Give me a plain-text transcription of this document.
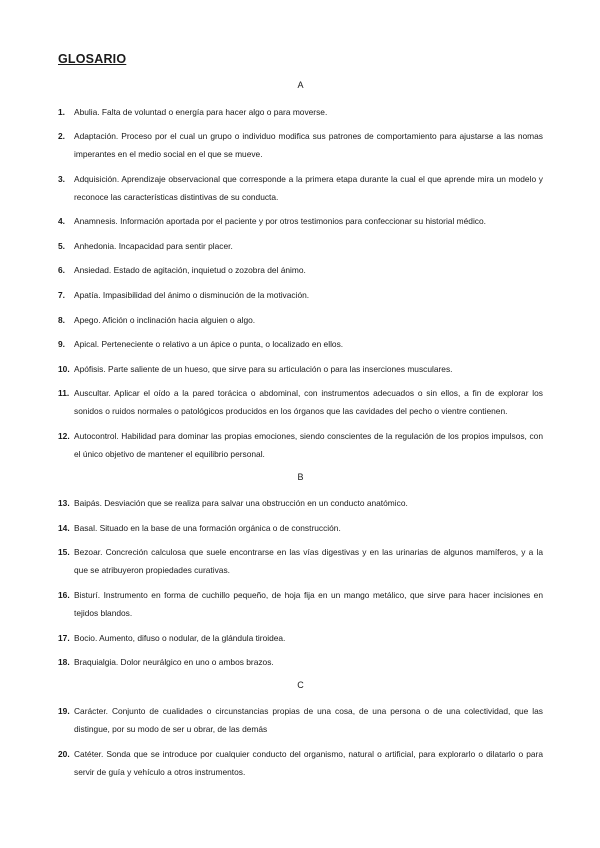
GLOSARIO
A
1.	Abulia. Falta de voluntad o energía para hacer algo o para moverse.
2.	Adaptación. Proceso por el cual un grupo o individuo modifica sus patrones de comportamiento para ajustarse a las nomas imperantes en el medio social en el que se mueve.
3.	Adquisición. Aprendizaje observacional que corresponde a la primera etapa durante la cual el que aprende mira un modelo y reconoce las características distintivas de su conducta.
4.	Anamnesis. Información aportada por el paciente y por otros testimonios para confeccionar su historial médico.
5.	Anhedonia. Incapacidad para sentir placer.
6.	Ansiedad. Estado de agitación, inquietud o zozobra del ánimo.
7.	Apatía. Impasibilidad del ánimo o disminución de la motivación.
8.	Apego. Afición o inclinación hacia alguien o algo.
9.	Apical. Perteneciente o relativo a un ápice o punta, o localizado en ellos.
10. Apófisis. Parte saliente de un hueso, que sirve para su articulación o para las inserciones musculares.
11. Auscultar. Aplicar el oído a la pared torácica o abdominal, con instrumentos adecuados o sin ellos, a fin de explorar los sonidos o ruidos normales o patológicos producidos en los órganos que las cavidades del pecho o vientre contienen.
12. Autocontrol. Habilidad para dominar las propias emociones, siendo conscientes de la regulación de los propios impulsos, con el único objetivo de mantener el equilibrio personal.
B
13. Baipás. Desviación que se realiza para salvar una obstrucción en un conducto anatómico.
14. Basal. Situado en la base de una formación orgánica o de construcción.
15. Bezoar. Concreción calculosa que suele encontrarse en las vías digestivas y en las urinarias de algunos mamíferos, y a la que se atribuyeron propiedades curativas.
16. Bisturí. Instrumento en forma de cuchillo pequeño, de hoja fija en un mango metálico, que sirve para hacer incisiones en tejidos blandos.
17. Bocio. Aumento, difuso o nodular, de la glándula tiroidea.
18. Braquialgia. Dolor neurálgico en uno o ambos brazos.
C
19. Carácter. Conjunto de cualidades o circunstancias propias de una cosa, de una persona o de una colectividad, que las distingue, por su modo de ser u obrar, de las demás
20. Catéter. Sonda que se introduce por cualquier conducto del organismo, natural o artificial, para explorarlo o dilatarlo o para servir de guía y vehículo a otros instrumentos.
